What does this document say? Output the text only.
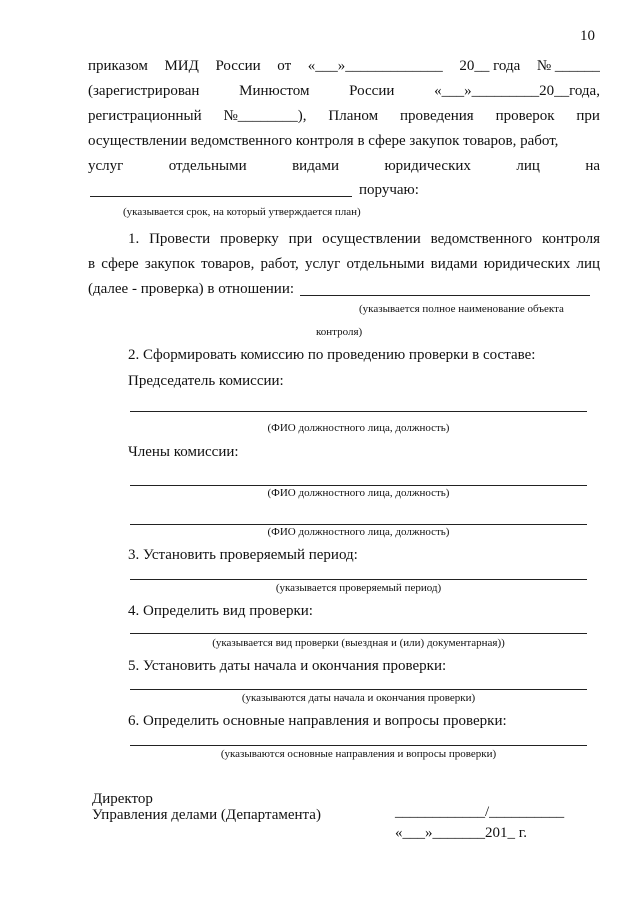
10
приказом МИД России от «___»_____________ 20__ года № ______
(зарегистрирован	Минюстом	России	«___»_________20__года,
регистрационный №________), Планом проведения проверок при
осуществлении ведомственного контроля в сфере закупок товаров, работ,
услуг	отдельными	видами	юридических	лиц	на
поручаю:
(указывается срок, на который утверждается план)
1. Провести проверку при осуществлении ведомственного контроля
в сфере закупок товаров, работ, услуг отдельными видами юридических лиц
(далее - проверка) в отношении:
(указывается полное наименование объекта
контроля)
2. Сформировать комиссию по проведению проверки в составе:
Председатель комиссии:
(ФИО должностного лица, должность)
Члены комиссии:
(ФИО должностного лица, должность)
(ФИО должностного лица, должность)
3. Установить проверяемый период:
(указывается проверяемый период)
4. Определить вид проверки:
(указывается вид проверки (выездная и (или) документарная))
5. Установить даты начала и окончания проверки:
(указываются даты начала и окончания проверки)
6. Определить основные направления и вопросы проверки:
(указываются основные направления и вопросы проверки)
Директор
Управления делами (Департамента)	____________/__________
«___»_______201_ г.
